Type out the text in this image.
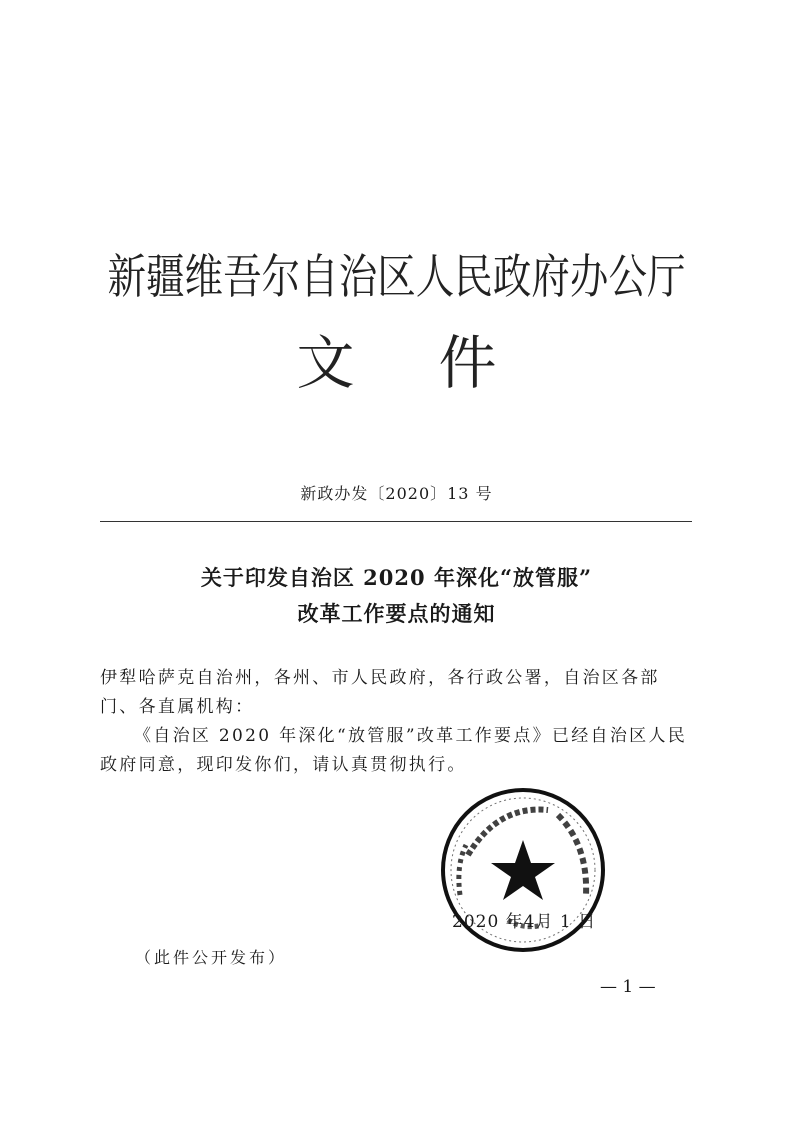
新疆维吾尔自治区人民政府办公厅
文件
新政办发〔2020〕13 号
关于印发自治区 2020 年深化“放管服”
改革工作要点的通知

伊犁哈萨克自治州，各州、市人民政府，各行政公署，自治区各部门、各直属机构：

《自治区 2020 年深化“放管服”改革工作要点》已经自治区人民政府同意，现印发你们，请认真贯彻执行。

2020 年4月 1 日
（此件公开发布）
— 1 —
